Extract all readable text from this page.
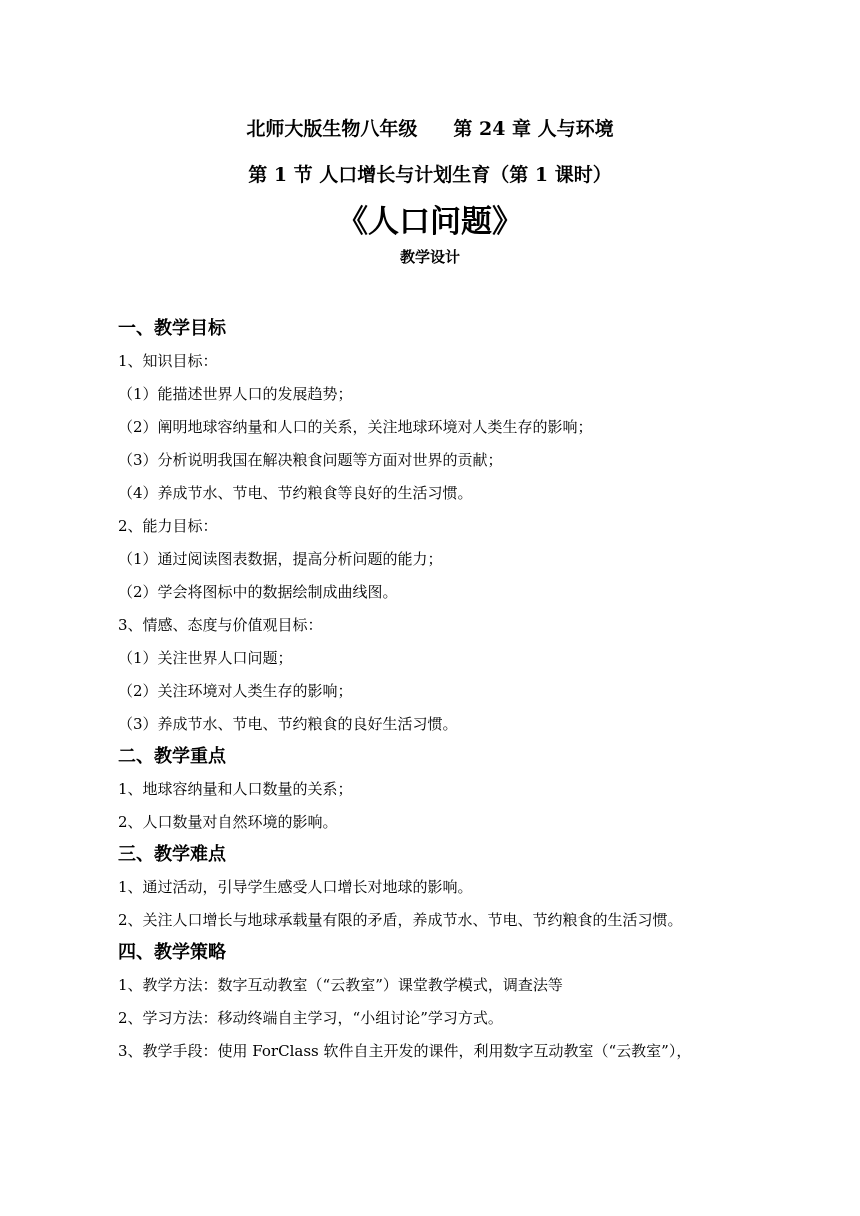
北师大版生物八年级 第 24 章 人与环境
第 1 节 人口增长与计划生育（第 1 课时）
《人口问题》
教学设计
一、教学目标
1、知识目标：
（1）能描述世界人口的发展趋势；
（2）阐明地球容纳量和人口的关系，关注地球环境对人类生存的影响；
（3）分析说明我国在解决粮食问题等方面对世界的贡献；
（4）养成节水、节电、节约粮食等良好的生活习惯。
2、能力目标：
（1）通过阅读图表数据，提高分析问题的能力；
（2）学会将图标中的数据绘制成曲线图。
3、情感、态度与价值观目标：
（1）关注世界人口问题；
（2）关注环境对人类生存的影响；
（3）养成节水、节电、节约粮食的良好生活习惯。
二、教学重点
1、地球容纳量和人口数量的关系；
2、人口数量对自然环境的影响。
三、教学难点
1、通过活动，引导学生感受人口增长对地球的影响。
2、关注人口增长与地球承载量有限的矛盾，养成节水、节电、节约粮食的生活习惯。
四、教学策略
1、教学方法：数字互动教室（“云教室”）课堂教学模式，调查法等
2、学习方法：移动终端自主学习，“小组讨论”学习方式。
3、教学手段：使用 ForClass 软件自主开发的课件，利用数字互动教室（“云教室”），
